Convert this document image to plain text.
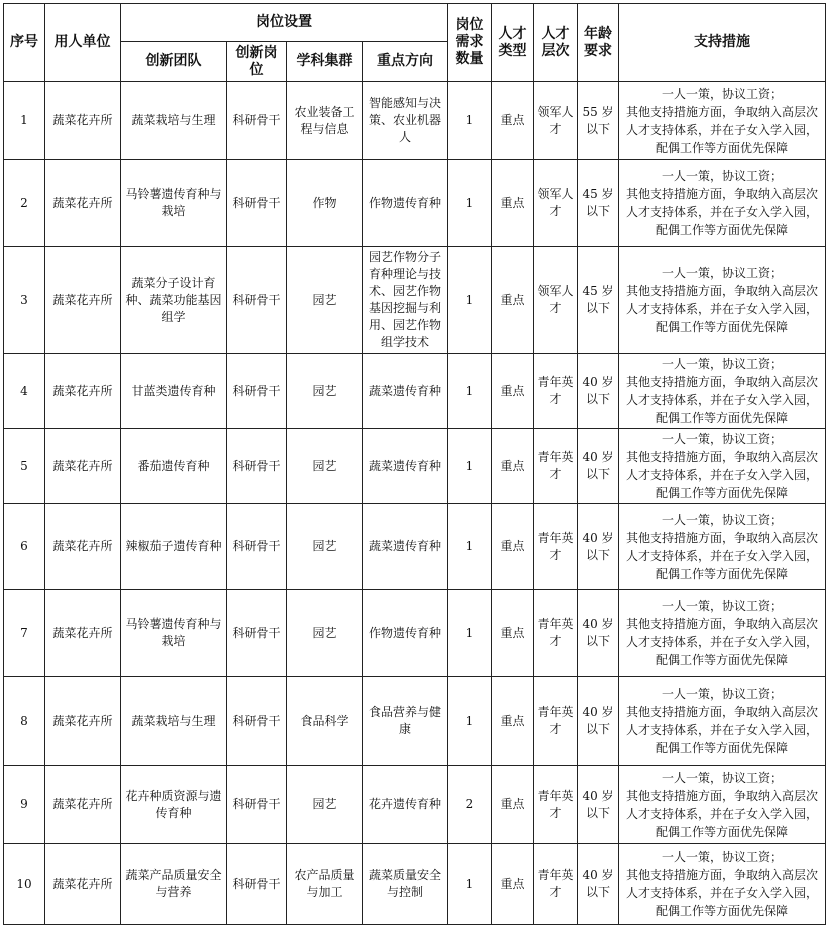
序号	用人单位	岗位设置				岗位需求数量	人才类型	人才层次	年龄要求	支持措施
		创新团队	创新岗位	学科集群	重点方向					
1	蔬菜花卉所	蔬菜栽培与生理	科研骨干	农业装备工程与信息	智能感知与决策、农业机器人	1	重点	领军人才	55 岁以下	一人一策，协议工资；
其他支持措施方面，争取纳入高层次人才支持体系，并在子女入学入园，配偶工作等方面优先保障

2	蔬菜花卉所	马铃薯遗传育种与栽培	科研骨干	作物	作物遗传育种	1	重点	领军人才	45 岁以下	一人一策，协议工资；
其他支持措施方面，争取纳入高层次人才支持体系，并在子女入学入园，配偶工作等方面优先保障

3	蔬菜花卉所	蔬菜分子设计育种、蔬菜功能基因组学	科研骨干	园艺	园艺作物分子育种理论与技术、园艺作物基因挖掘与利用、园艺作物组学技术	1	重点	领军人才	45 岁以下	一人一策，协议工资；
其他支持措施方面，争取纳入高层次人才支持体系，并在子女入学入园，配偶工作等方面优先保障

4	蔬菜花卉所	甘蓝类遗传育种	科研骨干	园艺	蔬菜遗传育种	1	重点	青年英才	40 岁以下	一人一策，协议工资；
其他支持措施方面，争取纳入高层次人才支持体系，并在子女入学入园，配偶工作等方面优先保障

5	蔬菜花卉所	番茄遗传育种	科研骨干	园艺	蔬菜遗传育种	1	重点	青年英才	40 岁以下	一人一策，协议工资；
其他支持措施方面，争取纳入高层次人才支持体系，并在子女入学入园，配偶工作等方面优先保障

6	蔬菜花卉所	辣椒茄子遗传育种	科研骨干	园艺	蔬菜遗传育种	1	重点	青年英才	40 岁以下	一人一策，协议工资；
其他支持措施方面，争取纳入高层次人才支持体系，并在子女入学入园，配偶工作等方面优先保障

7	蔬菜花卉所	马铃薯遗传育种与栽培	科研骨干	园艺	作物遗传育种	1	重点	青年英才	40 岁以下	一人一策，协议工资；
其他支持措施方面，争取纳入高层次人才支持体系，并在子女入学入园，配偶工作等方面优先保障

8	蔬菜花卉所	蔬菜栽培与生理	科研骨干	食品科学	食品营养与健康	1	重点	青年英才	40 岁以下	一人一策，协议工资；
其他支持措施方面，争取纳入高层次人才支持体系，并在子女入学入园，配偶工作等方面优先保障

9	蔬菜花卉所	花卉种质资源与遗传育种	科研骨干	园艺	花卉遗传育种	2	重点	青年英才	40 岁以下	一人一策，协议工资；
其他支持措施方面，争取纳入高层次人才支持体系，并在子女入学入园，配偶工作等方面优先保障

10	蔬菜花卉所	蔬菜产品质量安全与营养	科研骨干	农产品质量与加工	蔬菜质量安全与控制	1	重点	青年英才	40 岁以下	一人一策，协议工资；
其他支持措施方面，争取纳入高层次人才支持体系，并在子女入学入园，配偶工作等方面优先保障
